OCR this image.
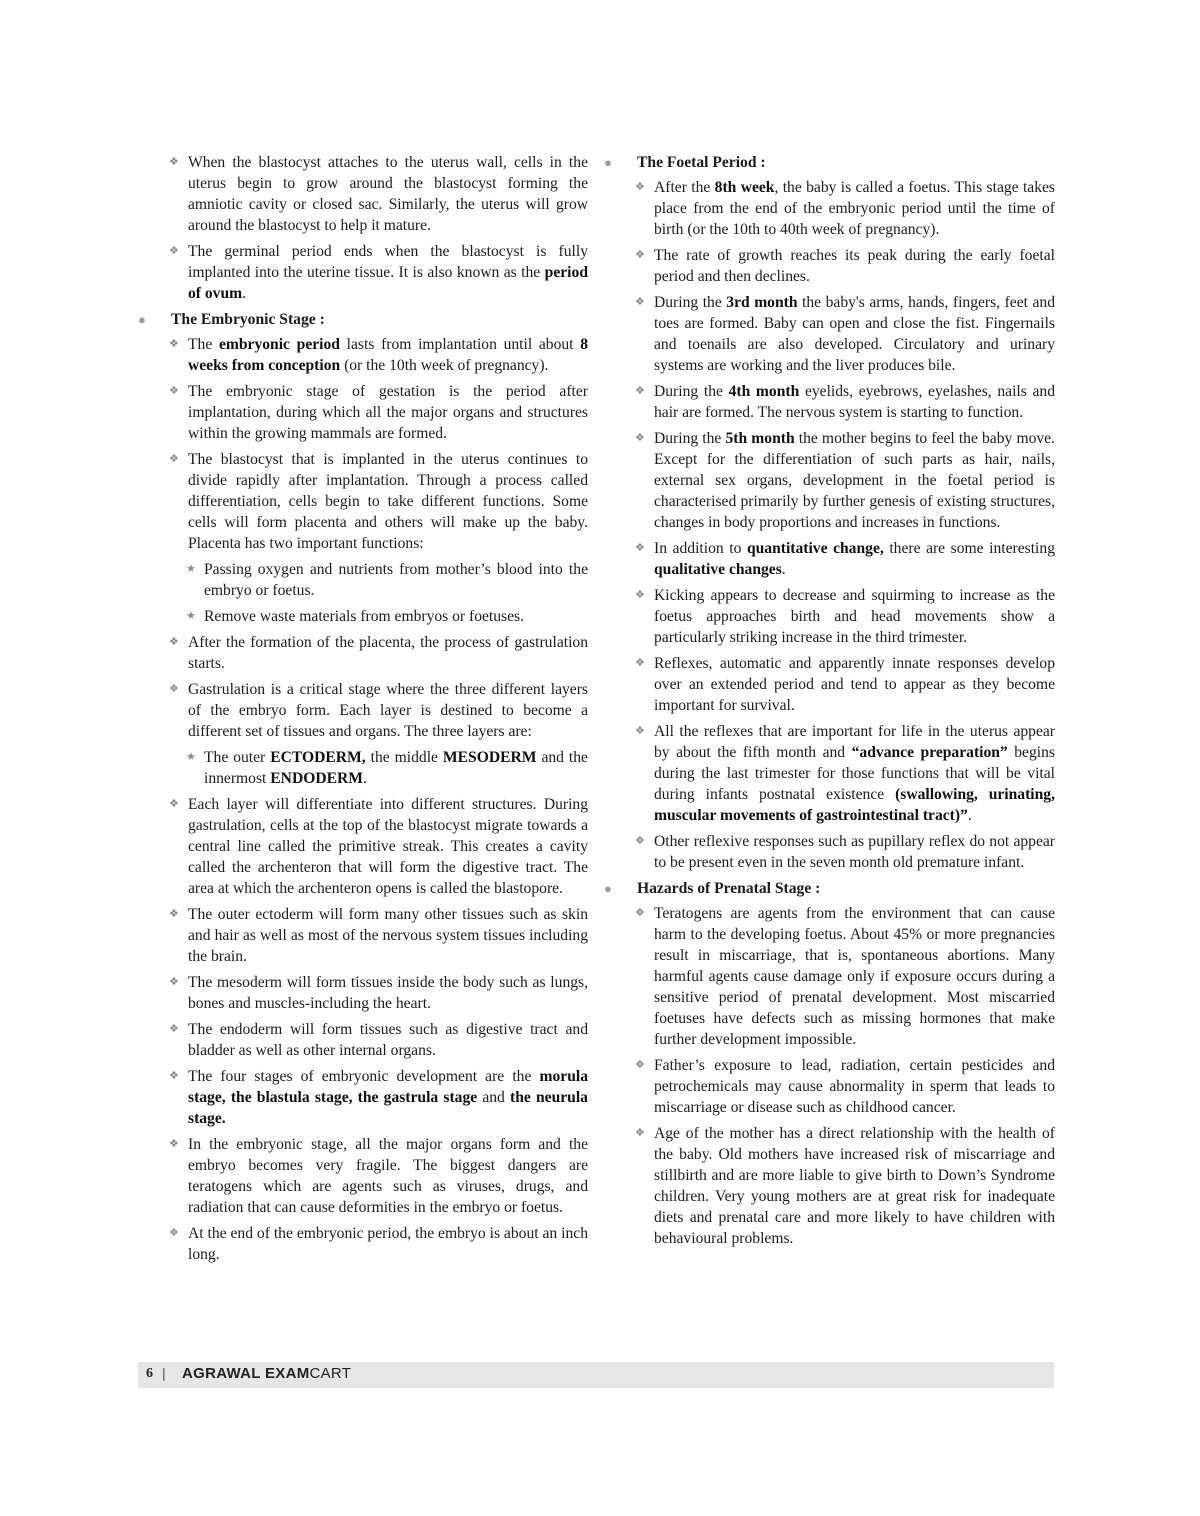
❖ When the blastocyst attaches to the uterus wall, cells in the uterus begin to grow around the blastocyst forming the amniotic cavity or closed sac. Similarly, the uterus will grow around the blastocyst to help it mature.
❖ The germinal period ends when the blastocyst is fully implanted into the uterine tissue. It is also known as the period of ovum.
● The Embryonic Stage :
❖ The embryonic period lasts from implantation until about 8 weeks from conception (or the 10th week of pregnancy).
❖ The embryonic stage of gestation is the period after implantation, during which all the major organs and structures within the growing mammals are formed.
❖ The blastocyst that is implanted in the uterus continues to divide rapidly after implantation. Through a process called differentiation, cells begin to take different functions. Some cells will form placenta and others will make up the baby. Placenta has two important functions:
★ Passing oxygen and nutrients from mother’s blood into the embryo or foetus.
★ Remove waste materials from embryos or foetuses.
❖ After the formation of the placenta, the process of gastrulation starts.
❖ Gastrulation is a critical stage where the three different layers of the embryo form. Each layer is destined to become a different set of tissues and organs. The three layers are:
★ The outer ECTODERM, the middle MESODERM and the innermost ENDODERM.
❖ Each layer will differentiate into different structures. During gastrulation, cells at the top of the blastocyst migrate towards a central line called the primitive streak. This creates a cavity called the archenteron that will form the digestive tract. The area at which the archenteron opens is called the blastopore.
❖ The outer ectoderm will form many other tissues such as skin and hair as well as most of the nervous system tissues including the brain.
❖ The mesoderm will form tissues inside the body such as lungs, bones and muscles-including the heart.
❖ The endoderm will form tissues such as digestive tract and bladder as well as other internal organs.
❖ The four stages of embryonic development are the morula stage, the blastula stage, the gastrula stage and the neurula stage.
❖ In the embryonic stage, all the major organs form and the embryo becomes very fragile. The biggest dangers are teratogens which are agents such as viruses, drugs, and radiation that can cause deformities in the embryo or foetus.
❖ At the end of the embryonic period, the embryo is about an inch long.
● The Foetal Period :
❖ After the 8th week, the baby is called a foetus. This stage takes place from the end of the embryonic period until the time of birth (or the 10th to 40th week of pregnancy).
❖ The rate of growth reaches its peak during the early foetal period and then declines.
❖ During the 3rd month the baby's arms, hands, fingers, feet and toes are formed. Baby can open and close the fist. Fingernails and toenails are also developed. Circulatory and urinary systems are working and the liver produces bile.
❖ During the 4th month eyelids, eyebrows, eyelashes, nails and hair are formed. The nervous system is starting to function.
❖ During the 5th month the mother begins to feel the baby move. Except for the differentiation of such parts as hair, nails, external sex organs, development in the foetal period is characterised primarily by further genesis of existing structures, changes in body proportions and increases in functions.
❖ In addition to quantitative change, there are some interesting qualitative changes.
❖ Kicking appears to decrease and squirming to increase as the foetus approaches birth and head movements show a particularly striking increase in the third trimester.
❖ Reflexes, automatic and apparently innate responses develop over an extended period and tend to appear as they become important for survival.
❖ All the reflexes that are important for life in the uterus appear by about the fifth month and “advance preparation” begins during the last trimester for those functions that will be vital during infants postnatal existence (swallowing, urinating, muscular movements of gastrointestinal tract)”.
❖ Other reflexive responses such as pupillary reflex do not appear to be present even in the seven month old premature infant.
● Hazards of Prenatal Stage :
❖ Teratogens are agents from the environment that can cause harm to the developing foetus. About 45% or more pregnancies result in miscarriage, that is, spontaneous abortions. Many harmful agents cause damage only if exposure occurs during a sensitive period of prenatal development. Most miscarried foetuses have defects such as missing hormones that make further development impossible.
❖ Father’s exposure to lead, radiation, certain pesticides and petrochemicals may cause abnormality in sperm that leads to miscarriage or disease such as childhood cancer.
❖ Age of the mother has a direct relationship with the health of the baby. Old mothers have increased risk of miscarriage and stillbirth and are more liable to give birth to Down’s Syndrome children. Very young mothers are at great risk for inadequate diets and prenatal care and more likely to have children with behavioural problems.
6 | AGRAWAL EXAMCART
